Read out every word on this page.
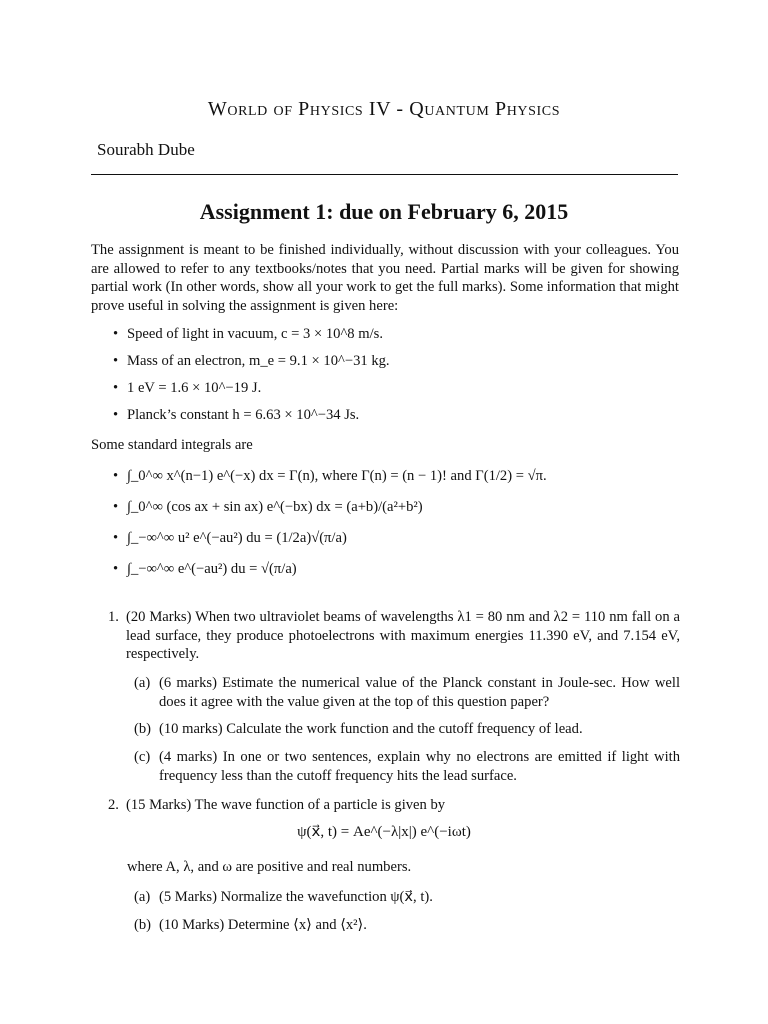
World of Physics IV - Quantum Physics
Sourabh Dube
Assignment 1: due on February 6, 2015

The assignment is meant to be finished individually, without discussion with your colleagues. You are allowed to refer to any textbooks/notes that you need. Partial marks will be given for showing partial work (In other words, show all your work to get the full marks). Some information that might prove useful in solving the assignment is given here:

• Speed of light in vacuum, c = 3 × 10^8 m/s.
• Mass of an electron, m_e = 9.1 × 10^−31 kg.
• 1 eV = 1.6 × 10^−19 J.
• Planck’s constant h = 6.63 × 10^−34 Js.
Some standard integrals are
• ∫_0^∞ x^(n−1) e^(−x) dx = Γ(n), where Γ(n) = (n − 1)! and Γ(1/2) = √π.
• ∫_0^∞ (cos ax + sin ax) e^(−bx) dx = (a+b)/(a²+b²)
• ∫_−∞^∞ u² e^(−au²) du = (1/2a)√(π/a)
• ∫_−∞^∞ e^(−au²) du = √(π/a)
1. (20 Marks) When two ultraviolet beams of wavelengths λ1 = 80 nm and λ2 = 110 nm fall on a lead surface, they produce photoelectrons with maximum energies 11.390 eV, and 7.154 eV, respectively.
(a) (6 marks) Estimate the numerical value of the Planck constant in Joule-sec. How well does it agree with the value given at the top of this question paper?
(b) (10 marks) Calculate the work function and the cutoff frequency of lead.
(c) (4 marks) In one or two sentences, explain why no electrons are emitted if light with frequency less than the cutoff frequency hits the lead surface.
2. (15 Marks) The wave function of a particle is given by
ψ(x⃗, t) = Ae^(−λ|x|) e^(−iωt)
where A, λ, and ω are positive and real numbers.
(a) (5 Marks) Normalize the wavefunction ψ(x⃗, t).
(b) (10 Marks) Determine ⟨x⟩ and ⟨x²⟩.
